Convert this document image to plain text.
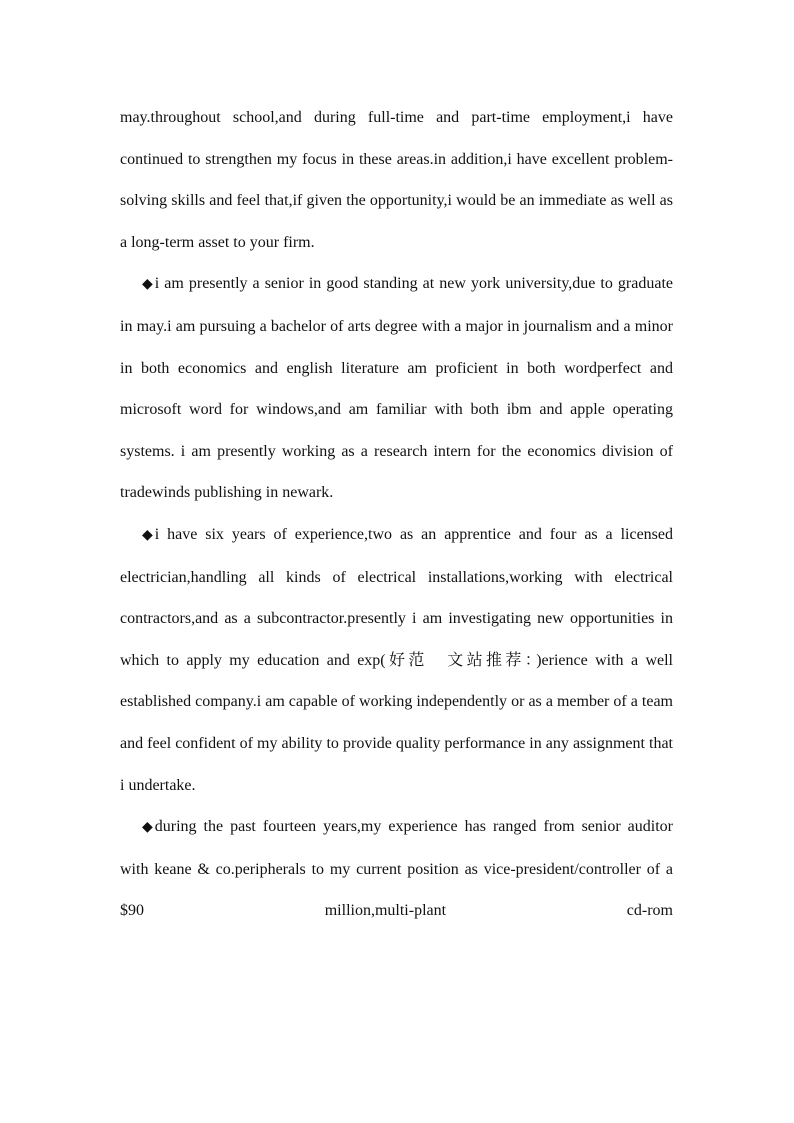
may.throughout school,and during full-time and part-time employment,i have continued to strengthen my focus in these areas.in addition,i have excellent problem-solving skills and feel that,if given the opportunity,i would be an immediate as well as a long-term asset to your firm.

◆ i am presently a senior in good standing at new york university,due to graduate in may.i am pursuing a bachelor of arts degree with a major in journalism and a minor in both economics and english literature am proficient in both wordperfect and microsoft word for windows,and am familiar with both ibm and apple operating systems. i am presently working as a research intern for the economics division of tradewinds publishing in newark.

◆ i have six years of experience,two as an apprentice and four as a licensed electrician,handling all kinds of electrical installations,working with electrical contractors,and as a subcontractor.presently i am investigating new opportunities in which to apply my education and exp(好范　文站推荐：)erience with a well established company.i am capable of working independently or as a member of a team and feel confident of my ability to provide quality performance in any assignment that i undertake.

◆ during the past fourteen years,my experience has ranged from senior auditor with keane & co.peripherals to my current position as vice-president/controller of a $90 million,multi-plant cd-rom
